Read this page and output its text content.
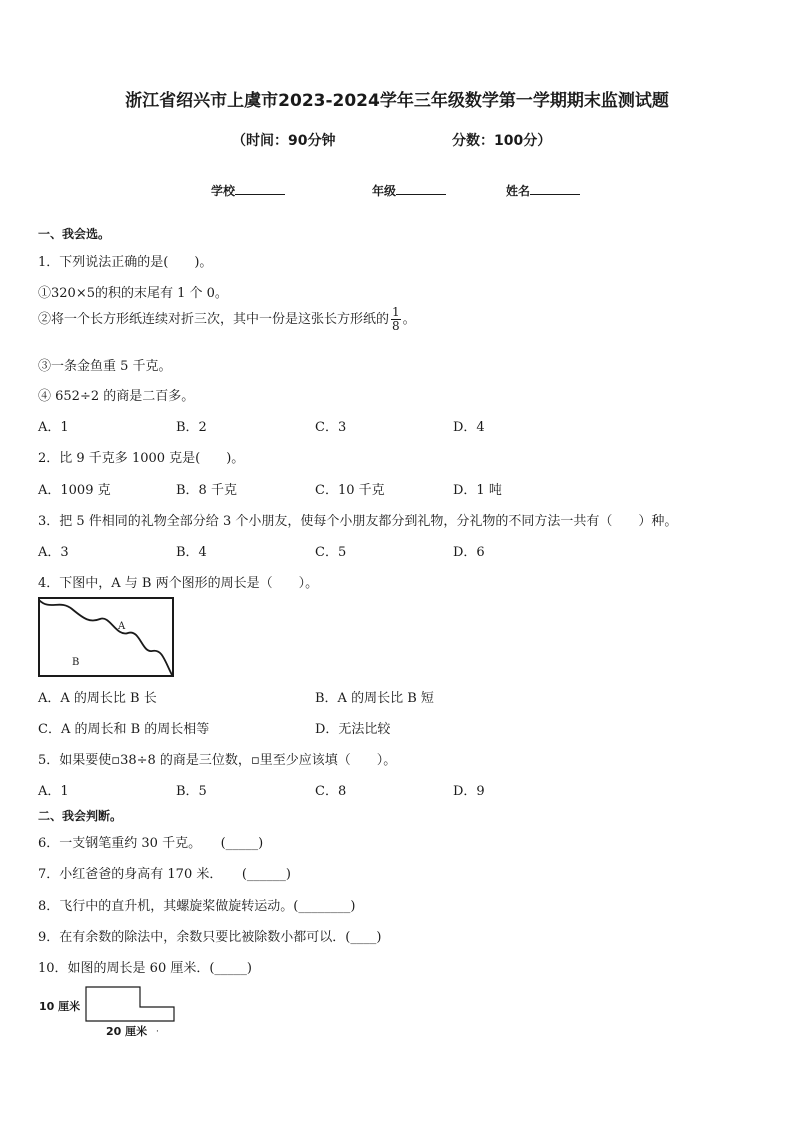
浙江省绍兴市上虞市2023-2024学年三年级数学第一学期期末监测试题
（时间：90分钟	分数：100分）
学校	年级	姓名
一、我会选。
1．下列说法正确的是(　　)。
①320×5的积的末尾有 1 个 0。
②将一个长方形纸连续对折三次，其中一份是这张长方形纸的 $\frac{1}{8}$ 。
③一条金鱼重 5 千克。
④ 652÷2 的商是二百多。
A．1	B．2	C．3	D．4
2．比 9 千克多 1000 克是(　　)。
A．1009 克	B．8 千克	C．10 千克	D．1 吨
3．把 5 件相同的礼物全部分给 3 个小朋友，使每个小朋友都分到礼物，分礼物的不同方法一共有（　　）种。
A．3	B．4	C．5	D．6
4．下图中，A 与 B 两个图形的周长是（　　）。
A
B
A．A 的周长比 B 长	B．A 的周长比 B 短
C．A 的周长和 B 的周长相等	D．无法比较
5．如果要使▫38÷8 的商是三位数，▫里至少应该填（　　）。
A．1	B．5	C．8	D．9
二、我会判断。
6．一支钢笔重约 30 千克。　　(_____)
7．小红爸爸的身高有 170 米．　　(______)
8．飞行中的直升机，其螺旋桨做旋转运动。(________)
9．在有余数的除法中，余数只要比被除数小都可以．(____)
10．如图的周长是 60 厘米．(_____)
10 厘米
20 厘米 ·
